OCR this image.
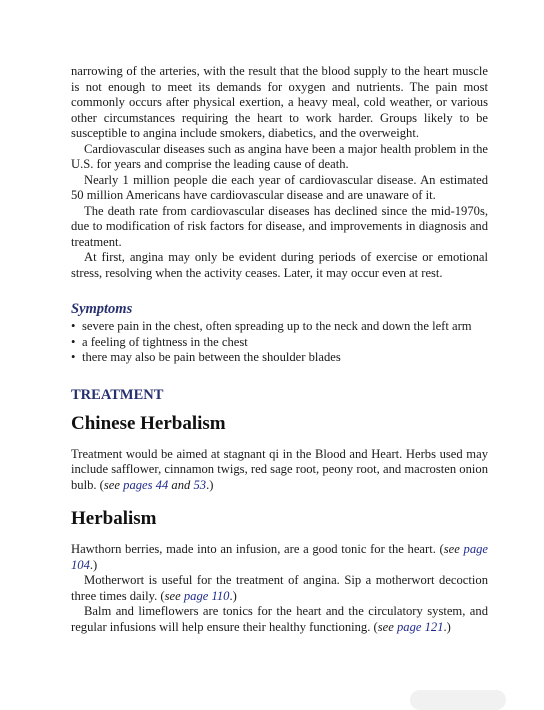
narrowing of the arteries, with the result that the blood supply to the heart muscle is not enough to meet its demands for oxygen and nutrients. The pain most commonly occurs after physical exertion, a heavy meal, cold weather, or various other circumstances requiring the heart to work harder. Groups likely to be susceptible to angina include smokers, diabetics, and the overweight.

Cardiovascular diseases such as angina have been a major health problem in the U.S. for years and comprise the leading cause of death.

Nearly 1 million people die each year of cardiovascular disease. An estimated 50 million Americans have cardiovascular disease and are unaware of it.

The death rate from cardiovascular diseases has declined since the mid-1970s, due to modification of risk factors for disease, and improvements in diagnosis and treatment.

At first, angina may only be evident during periods of exercise or emotional stress, resolving when the activity ceases. Later, it may occur even at rest.

Symptoms
• severe pain in the chest, often spreading up to the neck and down the left arm
• a feeling of tightness in the chest
• there may also be pain between the shoulder blades
TREATMENT
Chinese Herbalism

Treatment would be aimed at stagnant qi in the Blood and Heart. Herbs used may include safflower, cinnamon twigs, red sage root, peony root, and macrosten onion bulb. (see pages 44 and 53.)

Herbalism

Hawthorn berries, made into an infusion, are a good tonic for the heart. (see page 104.)

Motherwort is useful for the treatment of angina. Sip a motherwort decoction three times daily. (see page 110.)

Balm and limeflowers are tonics for the heart and the circulatory system, and regular infusions will help ensure their healthy functioning. (see page 121.)
